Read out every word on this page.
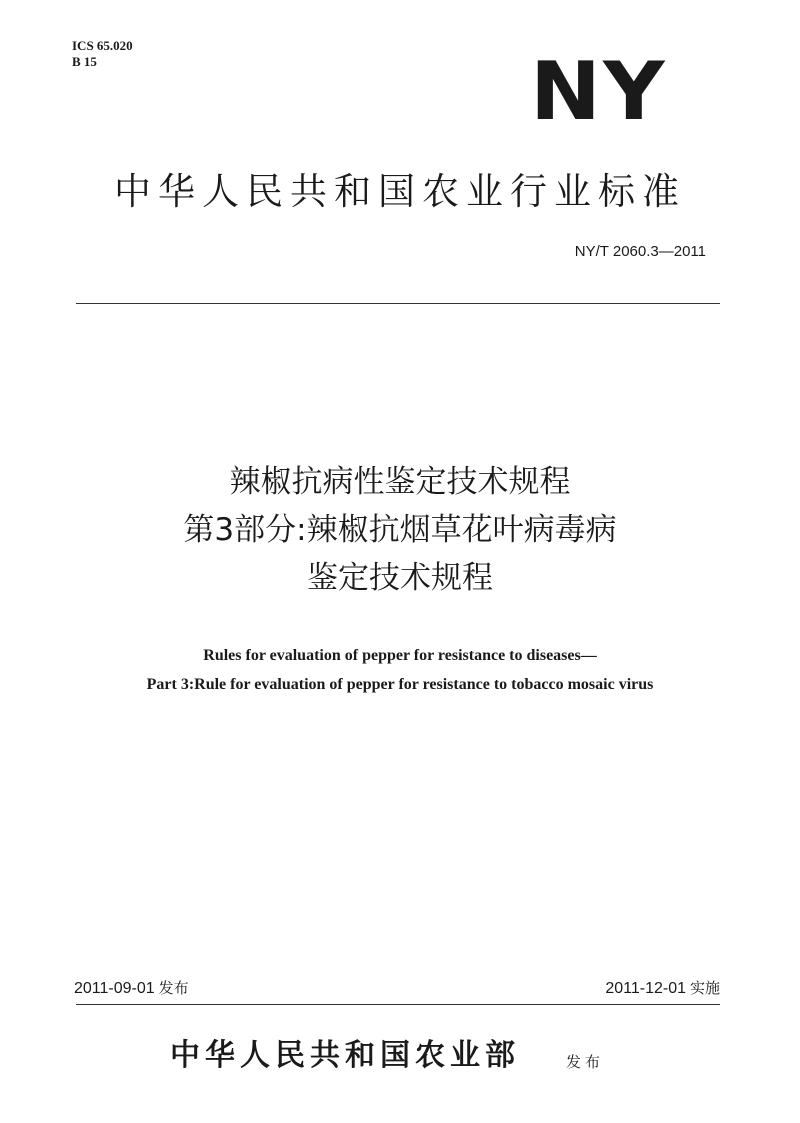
ICS 65.020
B 15	NY
中华人民共和国农业行业标准
NY/T 2060.3—2011
辣椒抗病性鉴定技术规程
第3部分:辣椒抗烟草花叶病毒病
鉴定技术规程
Rules for evaluation of pepper for resistance to diseases—
Part 3:Rule for evaluation of pepper for resistance to tobacco mosaic virus
2011-09-01 发布	2011-12-01 实施
中华人民共和国农业部	发布
